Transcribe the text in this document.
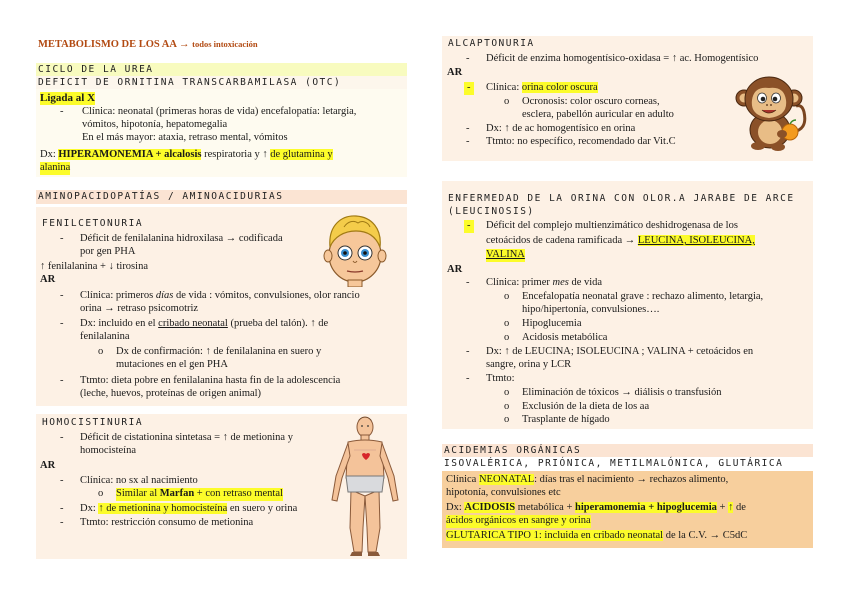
METABOLISMO DE LOS AA → todos intoxicación
CICLO DE LA UREA
DEFICIT DE ORNITINA TRANSCARBAMILASA (OTC)
Ligada al X
- Clínica: neonatal (primeras horas de vida) encefalopatía: letargia,
vómitos, hipotonía, hepatomegalia
En el más mayor: ataxia, retraso mental, vómitos
Dx: HIPERAMONEMIA + alcalosis respiratoria y ↑ de glutamina y
alanina
AMINOPACIDOPATÍAS / AMINOACIDURIAS
FENILCETONURIA
- Déficit de fenilalanina hidroxilasa → codificada
por gen PHA
↑ fenilalanina + ↓ tirosina
AR
- Clínica: primeros días de vida : vómitos, convulsiones, olor rancio
orina → retraso psicomotriz
- Dx: incluido en el cribado neonatal (prueba del talón). ↑ de
fenilalanina
o Dx de confirmación: ↑ de fenilalanina en suero y
mutaciones en el gen PHA
- Ttmto: dieta pobre en fenilalanina hasta fin de la adolescencia
(leche, huevos, proteínas de origen animal)
HOMOCISTINURIA
- Déficit de cistationina sintetasa = ↑ de metionina y
homocisteína
AR
- Clínica: no sx al nacimiento
o Similar al Marfan + con retraso mental
- Dx: ↑ de metionina y homocisteína en suero y orina
- Ttmto: restricción consumo de metionina
ALCAPTONURIA
- Déficit de enzima homogentísico-oxidasa = ↑ ac. Homogentísico
AR
- Clínica: orina color oscura
o Ocronosis: color oscuro corneas,
esclera, pabellón auricular en adulto
- Dx: ↑ de ac homogentísico en orina
- Ttmto: no específico, recomendado dar Vit.C
ENFERMEDAD DE LA ORINA CON OLOR.A JARABE DE ARCE
(LEUCINOSIS)
- Déficit del complejo multienzimático deshidrogenasa de los
cetoácidos de cadena ramificada → LEUCINA, ISOLEUCINA,
VALINA
AR
- Clínica: primer mes de vida
o Encefalopatía neonatal grave : rechazo alimento, letargia,
hipo/hipertonía, convulsiones….
o Hipoglucemia
o Acidosis metabólica
- Dx: ↑ de LEUCINA; ISOLEUCINA ; VALINA + cetoácidos en
sangre, orina y LCR
- Ttmto:
o Eliminación de tóxicos → diálisis o transfusión
o Exclusión de la dieta de los aa
o Trasplante de hígado
ACIDEMIAS ORGÁNICAS
ISOVALÉRICA, PRIÓNICA, METILMALÓNICA, GLUTÁRICA
Clínica NEONATAL: días tras el nacimiento → rechazos alimento,
hipotonía, convulsiones etc
Dx: ACIDOSIS metabólica + hiperamonemia + hipoglucemia + ↑ de
ácidos orgánicos en sangre y orina
GLUTARICA TIPO 1: incluida en cribado neonatal de la C.V. → C5dC
